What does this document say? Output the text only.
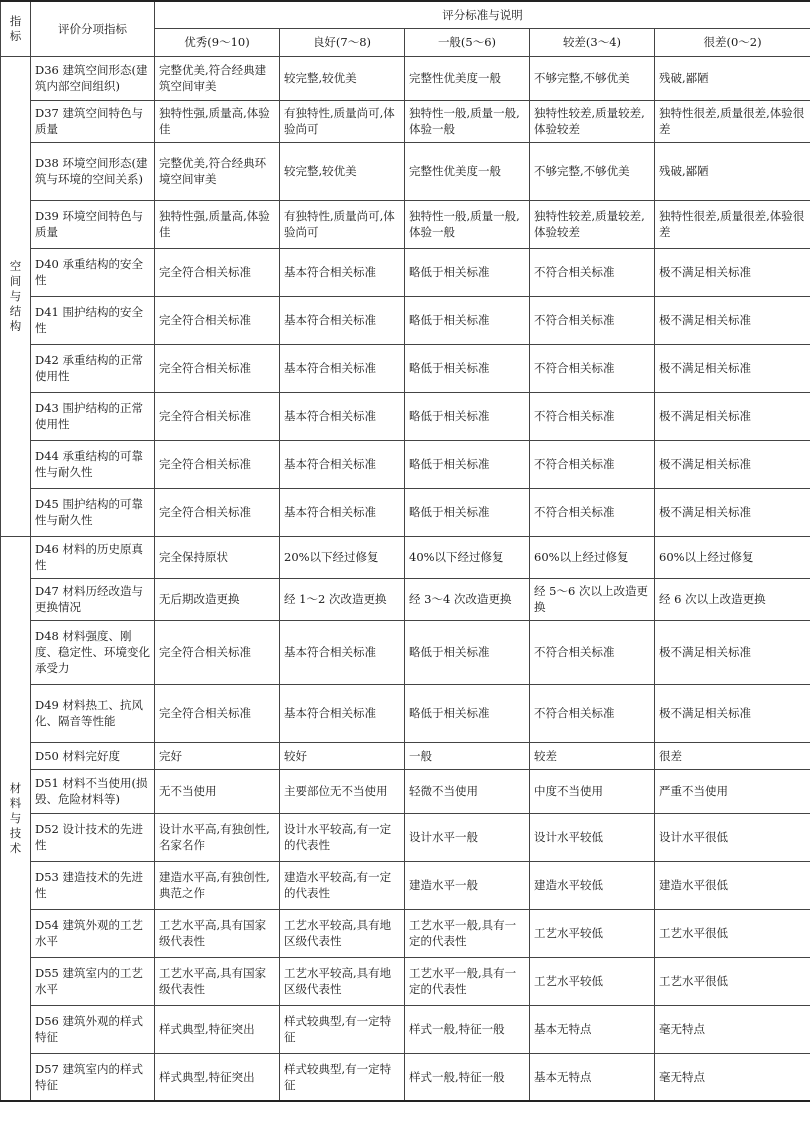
指标	评价分项指标	评分标准与说明				
		优秀(9～10)	良好(7～8)	一般(5～6)	较差(3～4)	很差(0～2)
空间与结构	D36 建筑空间形态(建筑内部空间组织)	完整优美,符合经典建筑空间审美	较完整,较优美	完整性优美度一般	不够完整,不够优美	残破,鄙陋
	D37 建筑空间特色与质量	独特性强,质量高,体验佳	有独特性,质量尚可,体验尚可	独特性一般,质量一般,体验一般	独特性较差,质量较差,体验较差	独特性很差,质量很差,体验很差
	D38 环境空间形态(建筑与环境的空间关系)	完整优美,符合经典环境空间审美	较完整,较优美	完整性优美度一般	不够完整,不够优美	残破,鄙陋
	D39 环境空间特色与质量	独特性强,质量高,体验佳	有独特性,质量尚可,体验尚可	独特性一般,质量一般,体验一般	独特性较差,质量较差,体验较差	独特性很差,质量很差,体验很差
	D40 承重结构的安全性	完全符合相关标准	基本符合相关标准	略低于相关标准	不符合相关标准	极不满足相关标准
	D41 围护结构的安全性	完全符合相关标准	基本符合相关标准	略低于相关标准	不符合相关标准	极不满足相关标准
	D42 承重结构的正常使用性	完全符合相关标准	基本符合相关标准	略低于相关标准	不符合相关标准	极不满足相关标准
	D43 围护结构的正常使用性	完全符合相关标准	基本符合相关标准	略低于相关标准	不符合相关标准	极不满足相关标准
	D44 承重结构的可靠性与耐久性	完全符合相关标准	基本符合相关标准	略低于相关标准	不符合相关标准	极不满足相关标准
	D45 围护结构的可靠性与耐久性	完全符合相关标准	基本符合相关标准	略低于相关标准	不符合相关标准	极不满足相关标准
材料与技术	D46 材料的历史原真性	完全保持原状	20%以下经过修复	40%以下经过修复	60%以上经过修复	60%以上经过修复
	D47 材料历经改造与更换情况	无后期改造更换	经 1～2 次改造更换	经 3～4 次改造更换	经 5～6 次以上改造更换	经 6 次以上改造更换
	D48 材料强度、刚度、稳定性、环境变化承受力	完全符合相关标准	基本符合相关标准	略低于相关标准	不符合相关标准	极不满足相关标准
	D49 材料热工、抗风化、隔音等性能	完全符合相关标准	基本符合相关标准	略低于相关标准	不符合相关标准	极不满足相关标准
	D50 材料完好度	完好	较好	一般	较差	很差
	D51 材料不当使用(损毁、危险材料等)	无不当使用	主要部位无不当使用	轻微不当使用	中度不当使用	严重不当使用
	D52 设计技术的先进性	设计水平高,有独创性,名家名作	设计水平较高,有一定的代表性	设计水平一般	设计水平较低	设计水平很低
	D53 建造技术的先进性	建造水平高,有独创性,典范之作	建造水平较高,有一定的代表性	建造水平一般	建造水平较低	建造水平很低
	D54 建筑外观的工艺水平	工艺水平高,具有国家级代表性	工艺水平较高,具有地区级代表性	工艺水平一般,具有一定的代表性	工艺水平较低	工艺水平很低
	D55 建筑室内的工艺水平	工艺水平高,具有国家级代表性	工艺水平较高,具有地区级代表性	工艺水平一般,具有一定的代表性	工艺水平较低	工艺水平很低
	D56 建筑外观的样式特征	样式典型,特征突出	样式较典型,有一定特征	样式一般,特征一般	基本无特点	毫无特点
	D57 建筑室内的样式特征	样式典型,特征突出	样式较典型,有一定特征	样式一般,特征一般	基本无特点	毫无特点
